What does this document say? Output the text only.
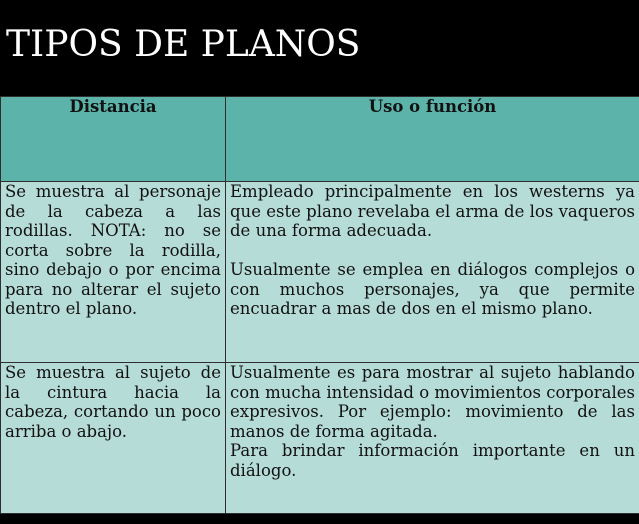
TIPOS DE PLANOS
Distancia	Uso o función

Se muestra al personaje de la cabeza a las rodillas. NOTA: no se corta sobre la rodilla, sino debajo o por encima para no alterar el sujeto dentro el plano.	Empleado principalmente en los westerns ya que este plano revelaba el arma de los vaqueros de una forma adecuada.

Usualmente se emplea en diálogos complejos o con muchos personajes, ya que permite encuadrar a mas de dos en el mismo plano.

Se muestra al sujeto de la cintura hacia la cabeza, cortando un poco arriba o abajo.	Usualmente es para mostrar al sujeto hablando con mucha intensidad o movimientos corporales expresivos. Por ejemplo: movimiento de las manos de forma agitada.

Para brindar información importante en un diálogo.
